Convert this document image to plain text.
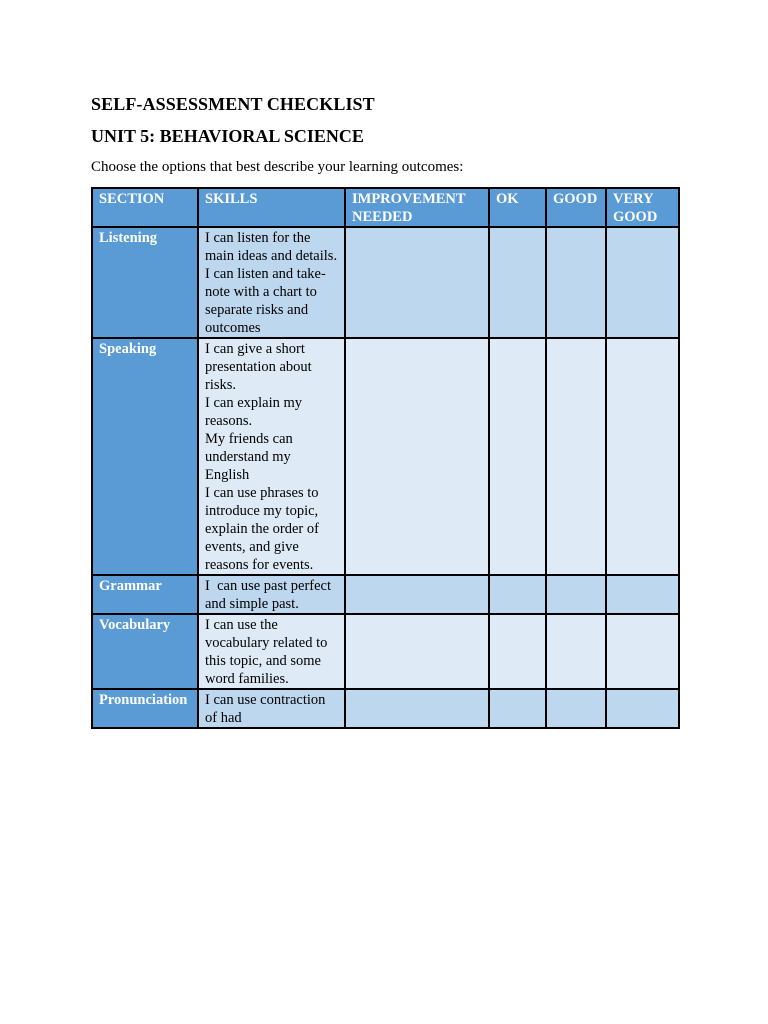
SELF-ASSESSMENT CHECKLIST
UNIT 5: BEHAVIORAL SCIENCE

Choose the options that best describe your learning outcomes:

SECTION	SKILLS	IMPROVEMENT NEEDED	OK	GOOD	VERY GOOD
Listening	I can listen for the main ideas and details.
I can listen and take-note with a chart to separate risks and outcomes				

Speaking	I can give a short presentation about risks.
I can explain my reasons.
My friends can understand my English
I can use phrases to introduce my topic, explain the order of events, and give reasons for events.				

Grammar	I  can use past perfect and simple past.				

Vocabulary	I can use the vocabulary related to this topic, and some word families.				

Pronunciation	I can use contraction of had				
